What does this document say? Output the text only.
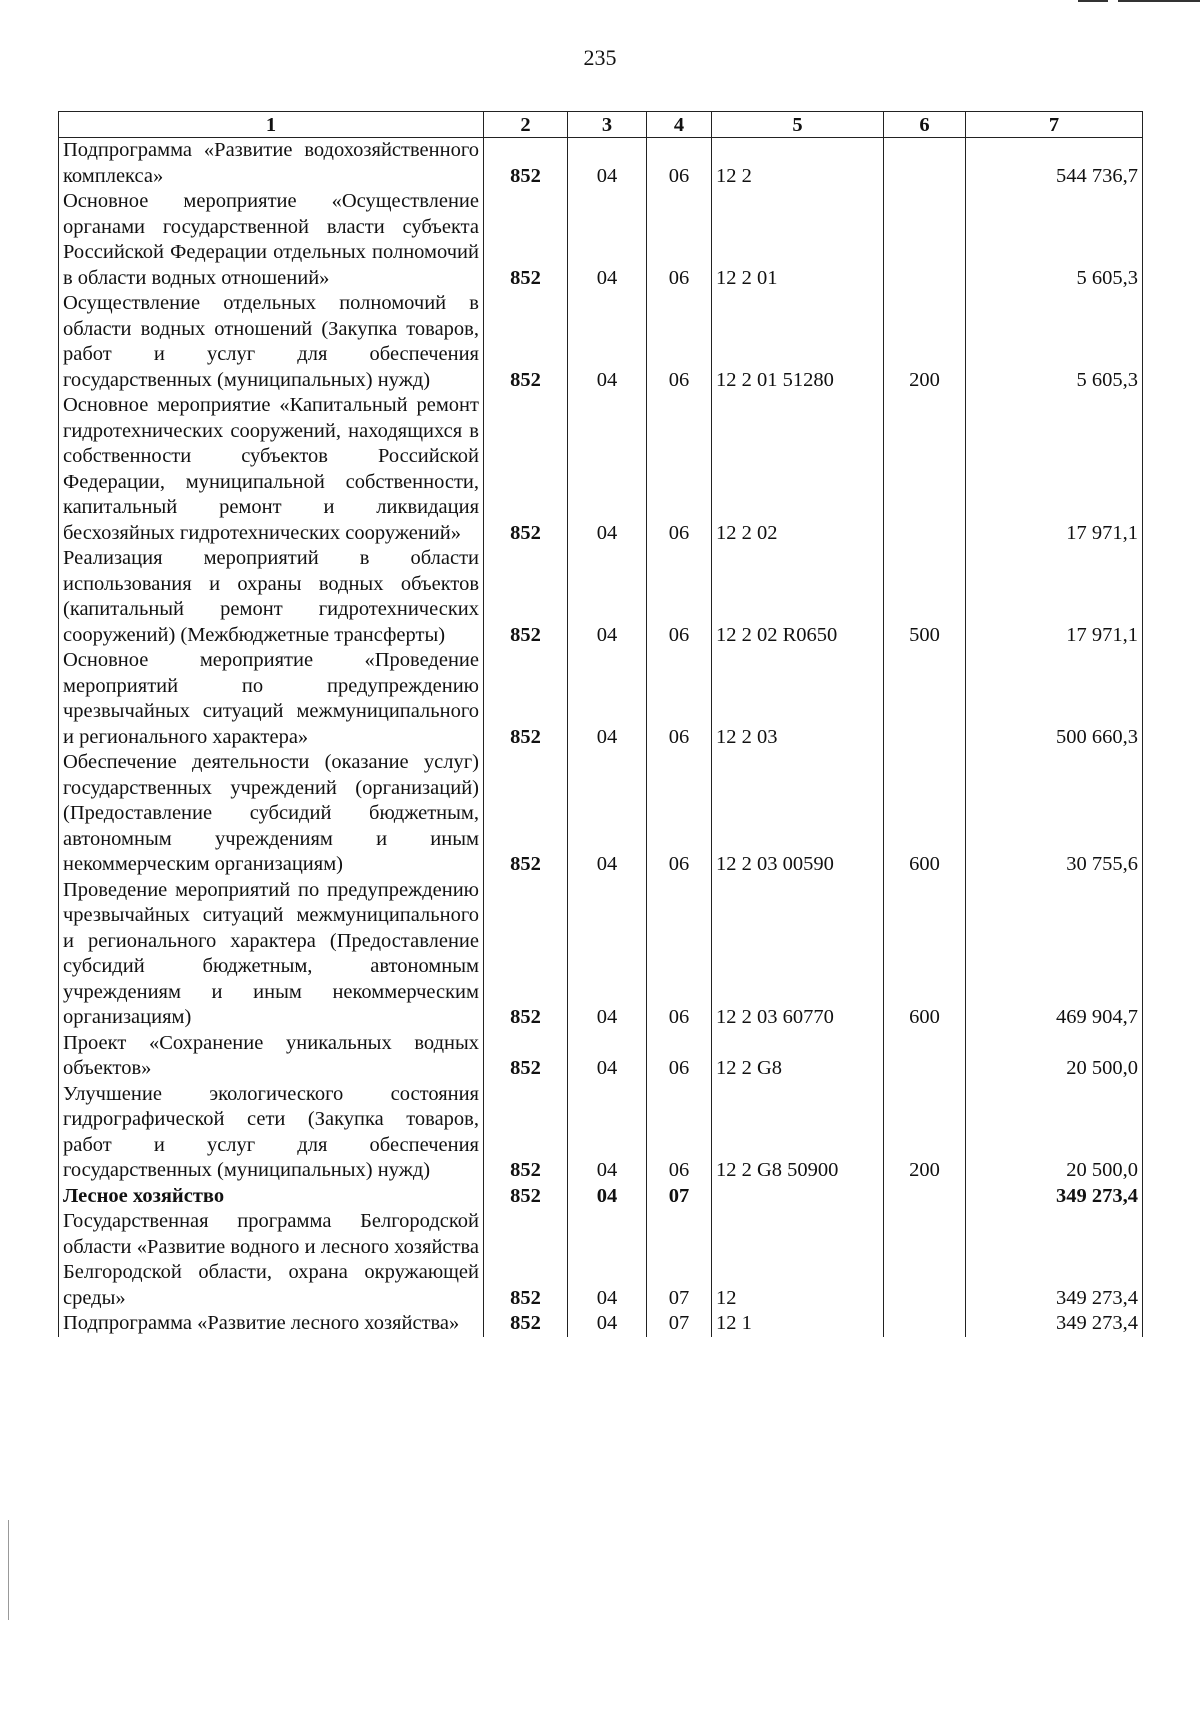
235
1	2	3	4	5	6	7
Подпрограмма «Развитие водохозяйственного комплекса»	852	04	06	12 2		544 736,7
Основное мероприятие «Осуществление органами государственной власти субъекта Российской Федерации отдельных полномочий в области водных отношений»	852	04	06	12 2 01		5 605,3
Осуществление отдельных полномочий в области водных отношений (Закупка товаров, работ и услуг для обеспечения государственных (муниципальных) нужд)	852	04	06	12 2 01 51280	200	5 605,3
Основное мероприятие «Капитальный ремонт гидротехнических сооружений, находящихся в собственности субъектов Российской Федерации, муниципальной собственности, капитальный ремонт и ликвидация бесхозяйных гидротехнических сооружений»	852	04	06	12 2 02		17 971,1
Реализация мероприятий в области использования и охраны водных объектов (капитальный ремонт гидротехнических сооружений) (Межбюджетные трансферты)	852	04	06	12 2 02 R0650	500	17 971,1
Основное мероприятие «Проведение мероприятий по предупреждению чрезвычайных ситуаций межмуниципального и регионального характера»	852	04	06	12 2 03		500 660,3
Обеспечение деятельности (оказание услуг) государственных учреждений (организаций) (Предоставление субсидий бюджетным, автономным учреждениям и иным некоммерческим организациям)	852	04	06	12 2 03 00590	600	30 755,6
Проведение мероприятий по предупреждению чрезвычайных ситуаций межмуниципального и регионального характера (Предоставление субсидий бюджетным, автономным учреждениям и иным некоммерческим организациям)	852	04	06	12 2 03 60770	600	469 904,7
Проект «Сохранение уникальных водных объектов»	852	04	06	12 2 G8		20 500,0
Улучшение экологического состояния гидрографической сети (Закупка товаров, работ и услуг для обеспечения государственных (муниципальных) нужд)	852	04	06	12 2 G8 50900	200	20 500,0
Лесное хозяйство	852	04	07			349 273,4
Государственная программа Белгородской области «Развитие водного и лесного хозяйства Белгородской области, охрана окружающей среды»	852	04	07	12		349 273,4
Подпрограмма «Развитие лесного хозяйства»	852	04	07	12 1		349 273,4
